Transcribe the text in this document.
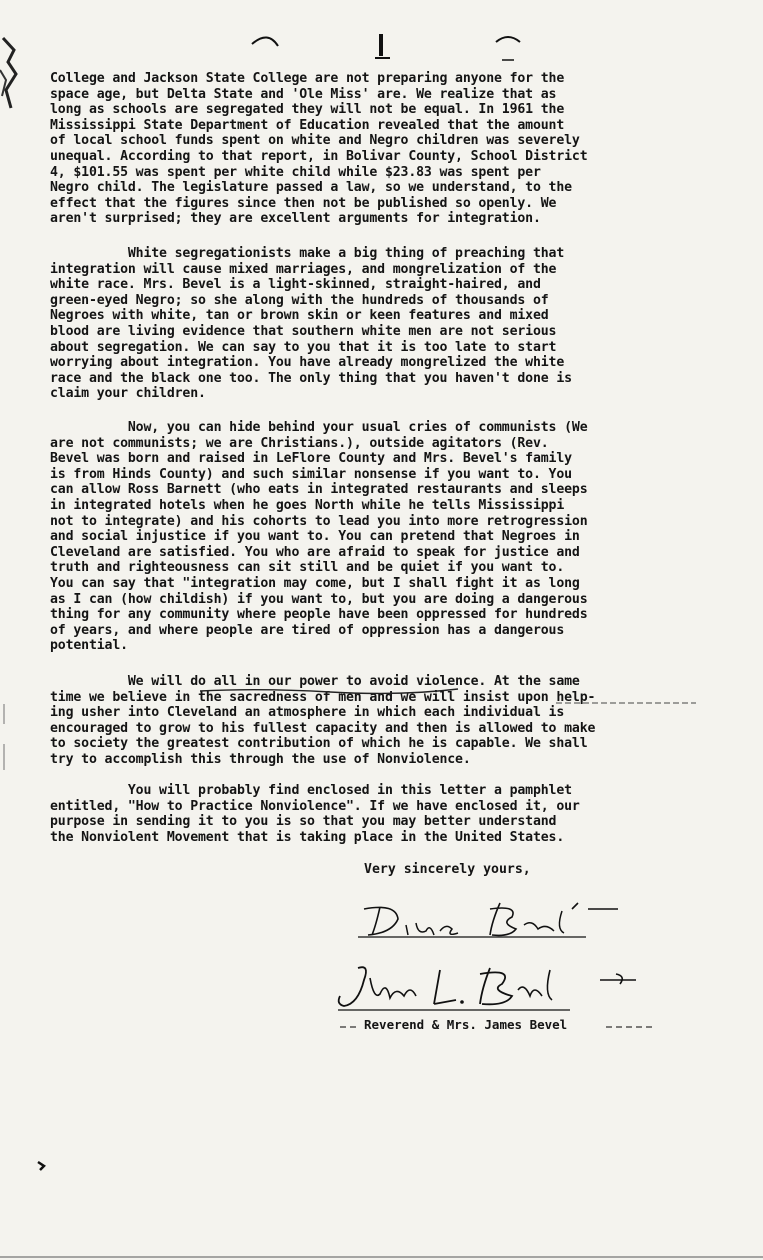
College and Jackson State College are not preparing anyone for the
space age, but Delta State and 'Ole Miss' are. We realize that as
long as schools are segregated they will not be equal. In 1961 the
Mississippi State Department of Education revealed that the amount
of local school funds spent on white and Negro children was severely
unequal. According to that report, in Bolivar County, School District
4, $101.55 was spent per white child while $23.83 was spent per
Negro child. The legislature passed a law, so we understand, to the
effect that the figures since then not be published so openly. We
aren't surprised; they are excellent arguments for integration.
White segregationists make a big thing of preaching that
integration will cause mixed marriages, and mongrelization of the
white race. Mrs. Bevel is a light-skinned, straight-haired, and
green-eyed Negro; so she along with the hundreds of thousands of
Negroes with white, tan or brown skin or keen features and mixed
blood are living evidence that southern white men are not serious
about segregation. We can say to you that it is too late to start
worrying about integration. You have already mongrelized the white
race and the black one too. The only thing that you haven't done is
claim your children.
Now, you can hide behind your usual cries of communists (We
are not communists; we are Christians.), outside agitators (Rev.
Bevel was born and raised in LeFlore County and Mrs. Bevel's family
is from Hinds County) and such similar nonsense if you want to. You
can allow Ross Barnett (who eats in integrated restaurants and sleeps
in integrated hotels when he goes North while he tells Mississippi
not to integrate) and his cohorts to lead you into more retrogression
and social injustice if you want to. You can pretend that Negroes in
Cleveland are satisfied. You who are afraid to speak for justice and
truth and righteousness can sit still and be quiet if you want to.
You can say that "integration may come, but I shall fight it as long
as I can (how childish) if you want to, but you are doing a dangerous
thing for any community where people have been oppressed for hundreds
of years, and where people are tired of oppression has a dangerous
potential.
We will do all in our power to avoid violence. At the same
time we believe in the sacredness of men and we will insist upon help-
ing usher into Cleveland an atmosphere in which each individual is
encouraged to grow to his fullest capacity and then is allowed to make
to society the greatest contribution of which he is capable. We shall
try to accomplish this through the use of Nonviolence.
You will probably find enclosed in this letter a pamphlet
entitled, "How to Practice Nonviolence". If we have enclosed it, our
purpose in sending it to you is so that you may better understand
the Nonviolent Movement that is taking place in the United States.
Very sincerely yours,
Reverend & Mrs. James Bevel
